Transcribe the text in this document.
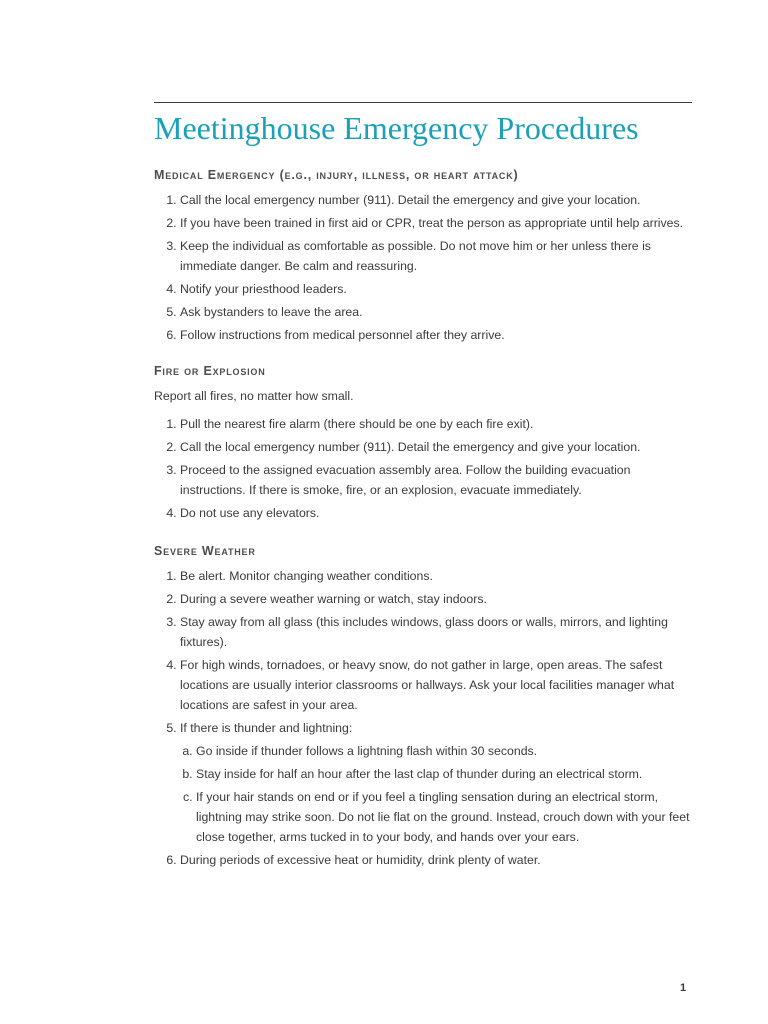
Meetinghouse Emergency Procedures
Medical Emergency (e.g., injury, illness, or heart attack)
1. Call the local emergency number (911). Detail the emergency and give your location.
2. If you have been trained in first aid or CPR, treat the person as appropriate until help arrives.
3. Keep the individual as comfortable as possible. Do not move him or her unless there is immediate danger. Be calm and reassuring.
4. Notify your priesthood leaders.
5. Ask bystanders to leave the area.
6. Follow instructions from medical personnel after they arrive.
Fire or Explosion

Report all fires, no matter how small.

1. Pull the nearest fire alarm (there should be one by each fire exit).
2. Call the local emergency number (911). Detail the emergency and give your location.
3. Proceed to the assigned evacuation assembly area. Follow the building evacuation instructions. If there is smoke, fire, or an explosion, evacuate immediately.
4. Do not use any elevators.
Severe Weather
1. Be alert. Monitor changing weather conditions.
2. During a severe weather warning or watch, stay indoors.
3. Stay away from all glass (this includes windows, glass doors or walls, mirrors, and lighting fixtures).
4. For high winds, tornadoes, or heavy snow, do not gather in large, open areas. The safest locations are usually interior classrooms or hallways. Ask your local facilities manager what locations are safest in your area.
5. If there is thunder and lightning:
a. Go inside if thunder follows a lightning flash within 30 seconds.
b. Stay inside for half an hour after the last clap of thunder during an electrical storm.
c. If your hair stands on end or if you feel a tingling sensation during an electrical storm, lightning may strike soon. Do not lie flat on the ground. Instead, crouch down with your feet close together, arms tucked in to your body, and hands over your ears.
6. During periods of excessive heat or humidity, drink plenty of water.
1
